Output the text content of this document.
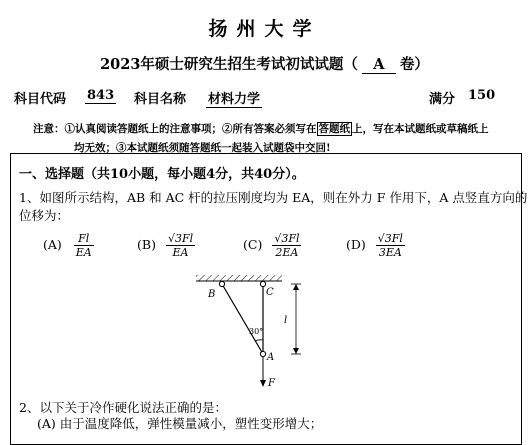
扬州大学
2023年硕士研究生招生考试初试试题（ A 卷）
科目代码 843 科目名称 材料力学	满分 150
注意：①认真阅读答题纸上的注意事项；②所有答案必须写在 答题纸 上，写在本试题纸或草稿纸上
均无效；③本试题纸须随答题纸一起装入试题袋中交回!
一、选择题（共10小题，每小题4分，共40分）。
1、如图所示结构，AB 和 AC 杆的拉压刚度均为 EA，则在外力 F 作用下，A 点竖直方向的
位移为：
$(A) \frac{Fl}{EA}$	$(B) \frac{√3Fl}{EA}$	$(C) \frac{√3Fl}{2EA}$	$(D) \frac{√3Fl}{3EA}$
B	C
A
F
l
30°
2、以下关于冷作硬化说法正确的是：
(A) 由于温度降低，弹性模量减小，塑性变形增大；
